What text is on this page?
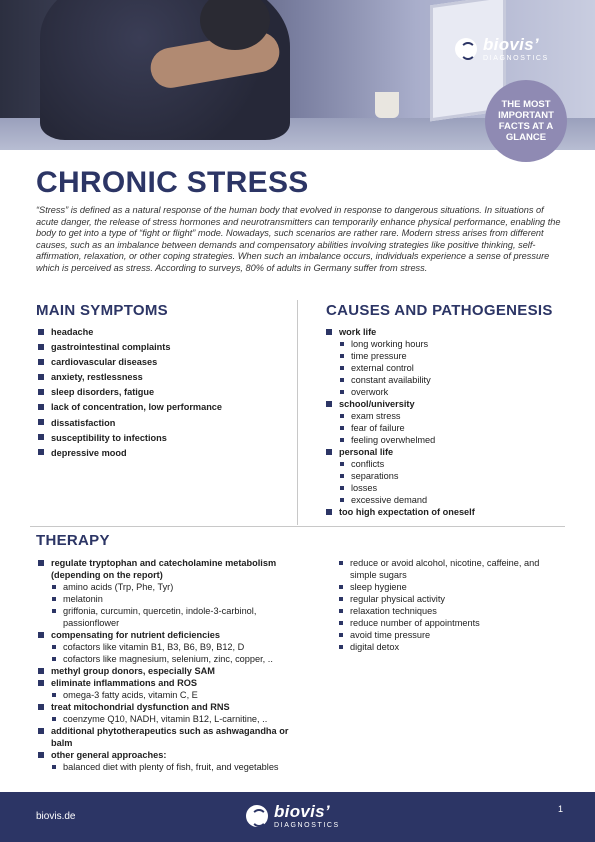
biovis’
DIAGNOSTICS
THE MOST
IMPORTANT
FACTS AT A
GLANCE
CHRONIC STRESS
“Stress” is defined as a natural response of the human body that evolved in response to dangerous situations. In situations of acute danger, the release of stress hormones and neurotransmitters can temporarily enhance physical performance, enabling the body to get into a type of “fight or flight” mode. Nowadays, such scenarios are rather rare. Modern stress arises from different causes, such as an imbalance between demands and compensatory abilities involving strategies like positive thinking, self-affirmation, relaxation, or other coping strategies. When such an imbalance occurs, individuals experience a sense of pressure which is perceived as stress. According to surveys, 80% of adults in Germany suffer from stress.
MAIN SYMPTOMS
headache
gastrointestinal complaints
cardiovascular diseases
anxiety, restlessness
sleep disorders, fatigue
lack of concentration, low performance
dissatisfaction
susceptibility to infections
depressive mood
CAUSES AND PATHOGENESIS
work life
long working hours
time pressure
external control
constant availability
overwork
school/university
exam stress
fear of failure
feeling overwhelmed
personal life
conflicts
separations
losses
excessive demand
too high expectation of oneself
THERAPY
regulate tryptophan and catecholamine metabolism (depending on the report)
amino acids (Trp, Phe, Tyr)
melatonin
griffonia, curcumin, quercetin, indole-3-carbinol, passionflower
compensating for nutrient deficiencies
cofactors like vitamin B1, B3, B6, B9, B12, D
cofactors like magnesium, selenium, zinc, copper, ..
methyl group donors, especially SAM
eliminate inflammations and ROS
omega-3 fatty acids, vitamin C, E
treat mitochondrial dysfunction and RNS
coenzyme Q10, NADH, vitamin B12, L-carnitine, ..
additional phytotherapeutics such as ashwagandha or balm
other general approaches:
balanced diet with plenty of fish, fruit, and vegetables
reduce or avoid alcohol, nicotine, caffeine, and simple sugars
sleep hygiene
regular physical activity
relaxation techniques
reduce number of appointments
avoid time pressure
digital detox
biovis.de	biovis’
DIAGNOSTICS
1
